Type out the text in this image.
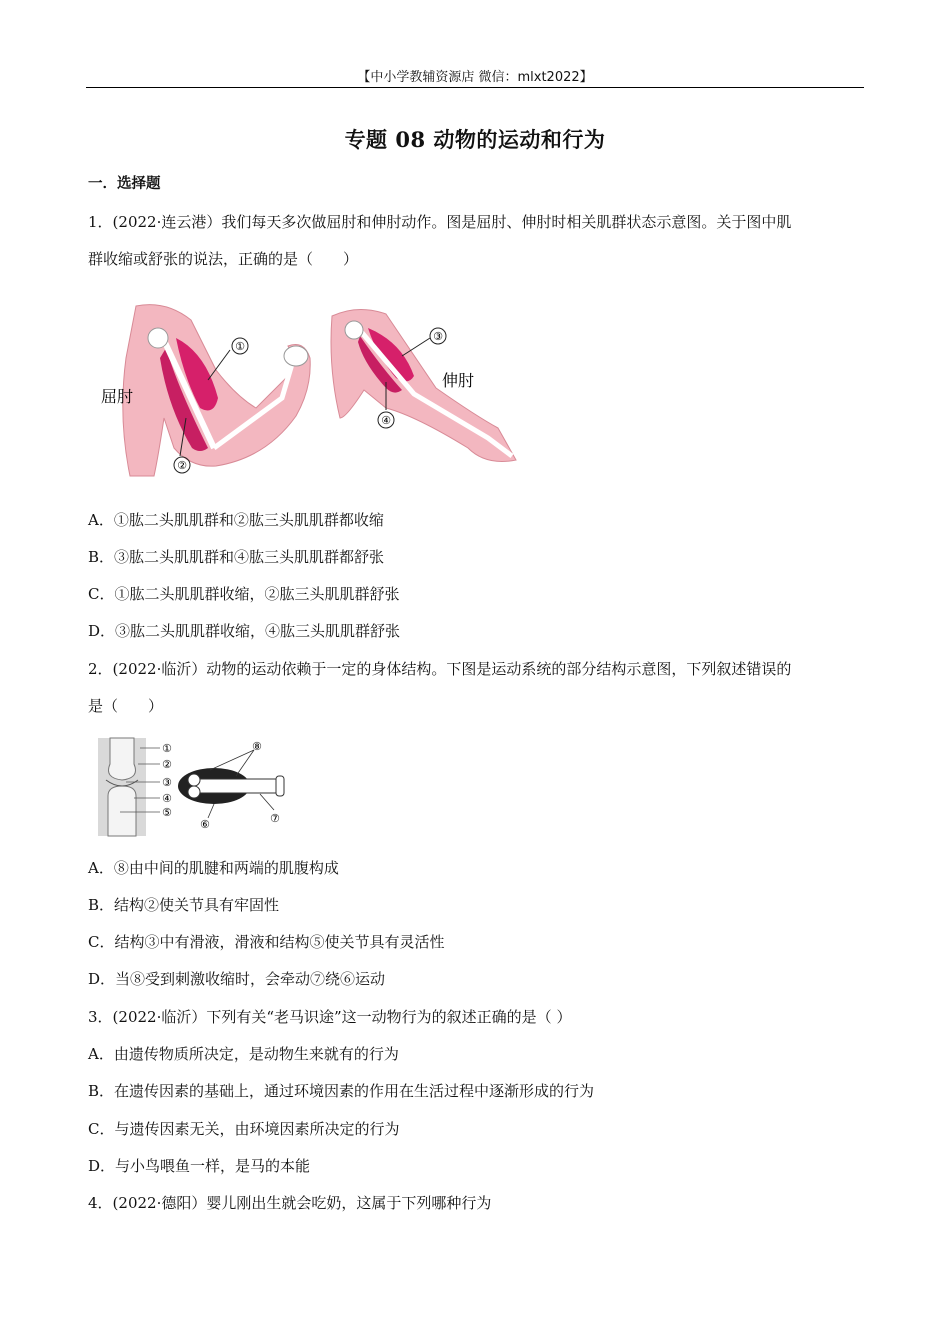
【中小学教辅资源店 微信：mlxt2022】
专题 08 动物的运动和行为
一．选择题
1．(2022·连云港）我们每天多次做屈肘和伸肘动作。图是屈肘、伸肘时相关肌群状态示意图。关于图中肌
群收缩或舒张的说法，正确的是（　　）
①
②
屈肘
③
④
伸肘
A．①肱二头肌肌群和②肱三头肌肌群都收缩
B．③肱二头肌肌群和④肱三头肌肌群都舒张
C．①肱二头肌肌群收缩，②肱三头肌肌群舒张
D．③肱二头肌肌群收缩，④肱三头肌肌群舒张
2．(2022·临沂）动物的运动依赖于一定的身体结构。下图是运动系统的部分结构示意图，下列叙述错误的
是（　　）
①
②
③
④
⑤
⑧
⑥	⑦
A．⑧由中间的肌腱和两端的肌腹构成
B．结构②使关节具有牢固性
C．结构③中有滑液，滑液和结构⑤使关节具有灵活性
D．当⑧受到刺激收缩时，会牵动⑦绕⑥运动
3．(2022·临沂）下列有关“老马识途”这一动物行为的叙述正确的是（ ）
A．由遗传物质所决定，是动物生来就有的行为
B．在遗传因素的基础上，通过环境因素的作用在生活过程中逐渐形成的行为
C．与遗传因素无关，由环境因素所决定的行为
D．与小鸟喂鱼一样，是马的本能
4．(2022·德阳）婴儿刚出生就会吃奶，这属于下列哪种行为
